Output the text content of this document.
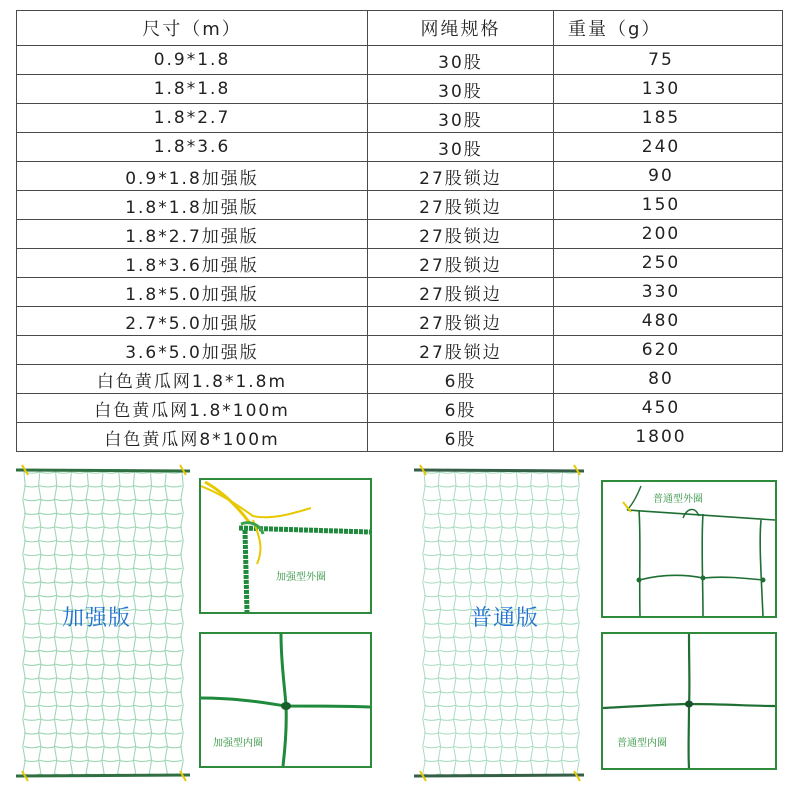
尺寸（m）	网绳规格	重量（g）
0.9*1.8	30股	75
1.8*1.8	30股	130
1.8*2.7	30股	185
1.8*3.6	30股	240
0.9*1.8加强版	27股锁边	90
1.8*1.8加强版	27股锁边	150
1.8*2.7加强版	27股锁边	200
1.8*3.6加强版	27股锁边	250
1.8*5.0加强版	27股锁边	330
2.7*5.0加强版	27股锁边	480
3.6*5.0加强版	27股锁边	620
白色黄瓜网1.8*1.8m	6股	80
白色黄瓜网1.8*100m	6股	450
白色黄瓜网8*100m	6股	1800
加强版
加强型外圈
加强型内圈
普通版
普通型外圈
普通型内圈
